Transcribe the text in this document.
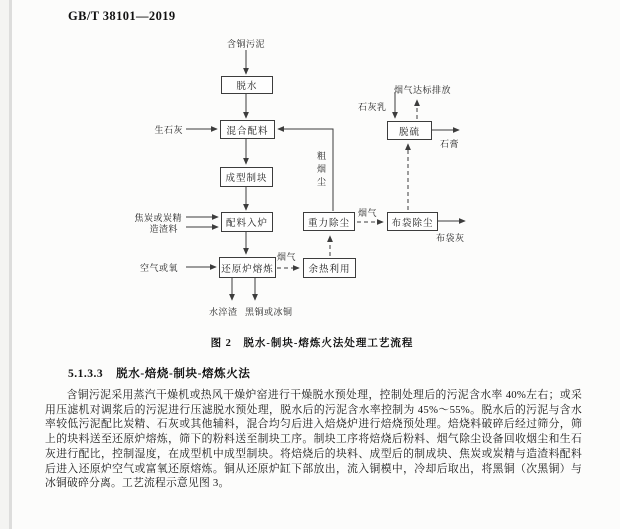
GB/T 38101—2019
脱水
混合配料
成型制块
配料入炉
还原炉熔炼
重力除尘
余热利用
布袋除尘
脱硫
含铜污泥
生石灰
焦炭或炭精
造渣料
空气或氧
水淬渣 黑铜或冰铜
粗烟尘
烟气
烟气
布袋灰
石灰乳
烟气达标排放
石膏
图 2　脱水-制块-熔炼火法处理工艺流程
5.1.3.3 脱水-焙烧-制块-熔炼火法
含铜污泥采用蒸汽干燥机或热风干燥炉窑进行干燥脱水预处理，控制处理后的污泥含水率 40%左右；或采用压滤机对调浆后的污泥进行压滤脱水预处理，脱水后的污泥含水率控制为 45%～55%。脱水后的污泥与含水率较低污泥配比炭精、石灰或其他辅料，混合均匀后进入焙烧炉进行焙烧预处理。焙烧料破碎后经过筛分，筛上的块料送至还原炉熔炼，筛下的粉料送至制块工序。制块工序将焙烧后粉料、烟气除尘设备回收烟尘和生石灰进行配比，控制湿度，在成型机中成型制块。将焙烧后的块料、成型后的制成块、焦炭或炭精与造渣料配料后进入还原炉空气或富氧还原熔炼。铜从还原炉缸下部放出，流入铜模中，冷却后取出，将黑铜（次黑铜）与冰铜破碎分离。工艺流程示意见图 3。
